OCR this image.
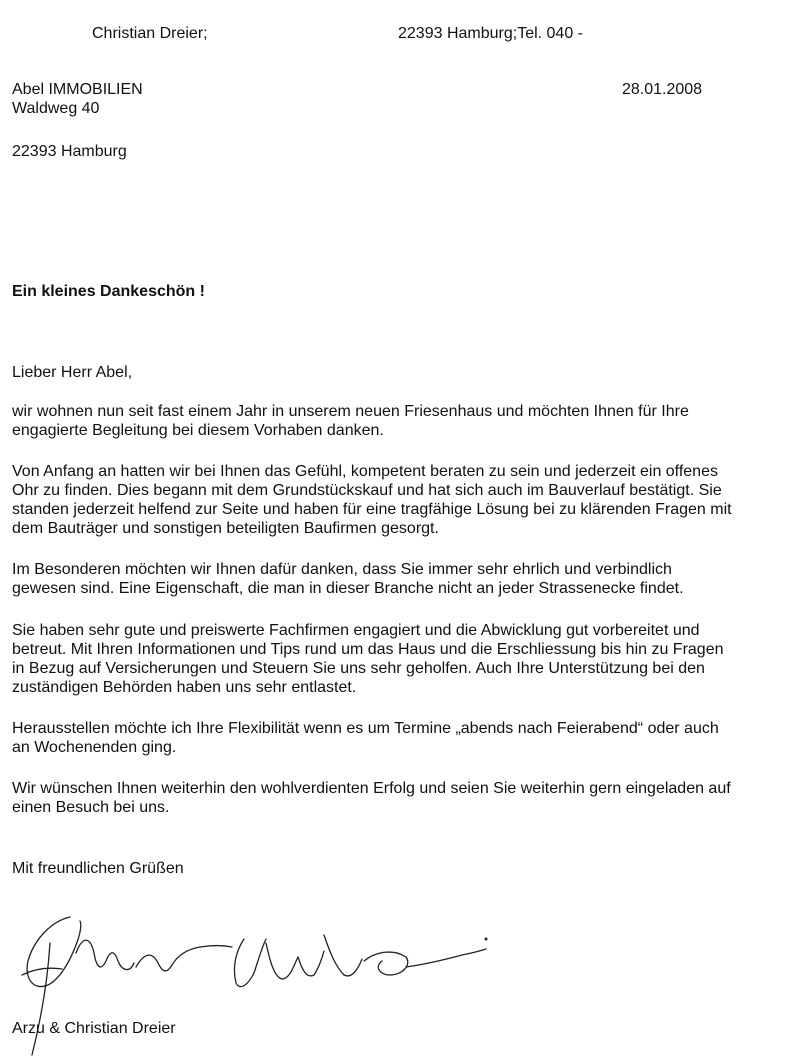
Christian Dreier;	22393 Hamburg;Tel. 040 -
Abel IMMOBILIEN
Waldweg 40
22393 Hamburg
28.01.2008
Ein kleines Dankeschön !
Lieber Herr Abel,
wir wohnen nun seit fast einem Jahr in unserem neuen Friesenhaus und möchten Ihnen für Ihre
engagierte Begleitung bei diesem Vorhaben danken.
Von Anfang an hatten wir bei Ihnen das Gefühl, kompetent beraten zu sein und jederzeit ein offenes
Ohr zu finden. Dies begann mit dem Grundstückskauf und hat sich auch im Bauverlauf bestätigt. Sie
standen jederzeit helfend zur Seite und haben für eine tragfähige Lösung bei zu klärenden Fragen mit
dem Bauträger und sonstigen beteiligten Baufirmen gesorgt.
Im Besonderen möchten wir Ihnen dafür danken, dass Sie immer sehr ehrlich und verbindlich
gewesen sind. Eine Eigenschaft, die man in dieser Branche nicht an jeder Strassenecke findet.
Sie haben sehr gute und preiswerte Fachfirmen engagiert und die Abwicklung gut vorbereitet und
betreut. Mit Ihren Informationen und Tips rund um das Haus und die Erschliessung bis hin zu Fragen
in Bezug auf Versicherungen und Steuern Sie uns sehr geholfen. Auch Ihre Unterstützung bei den
zuständigen Behörden haben uns sehr entlastet.
Herausstellen möchte ich Ihre Flexibilität wenn es um Termine „abends nach Feierabend“ oder auch
an Wochenenden ging.
Wir wünschen Ihnen weiterhin den wohlverdienten Erfolg und seien Sie weiterhin gern eingeladen auf
einen Besuch bei uns.
Mit freundlichen Grüßen
Arzu & Christian Dreier
